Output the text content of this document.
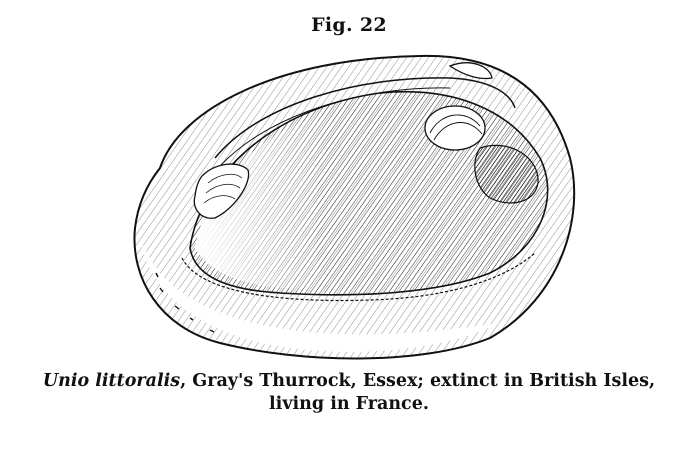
Fig. 22
Unio littoralis, Gray's Thurrock, Essex; extinct in British Isles,
living in France.
